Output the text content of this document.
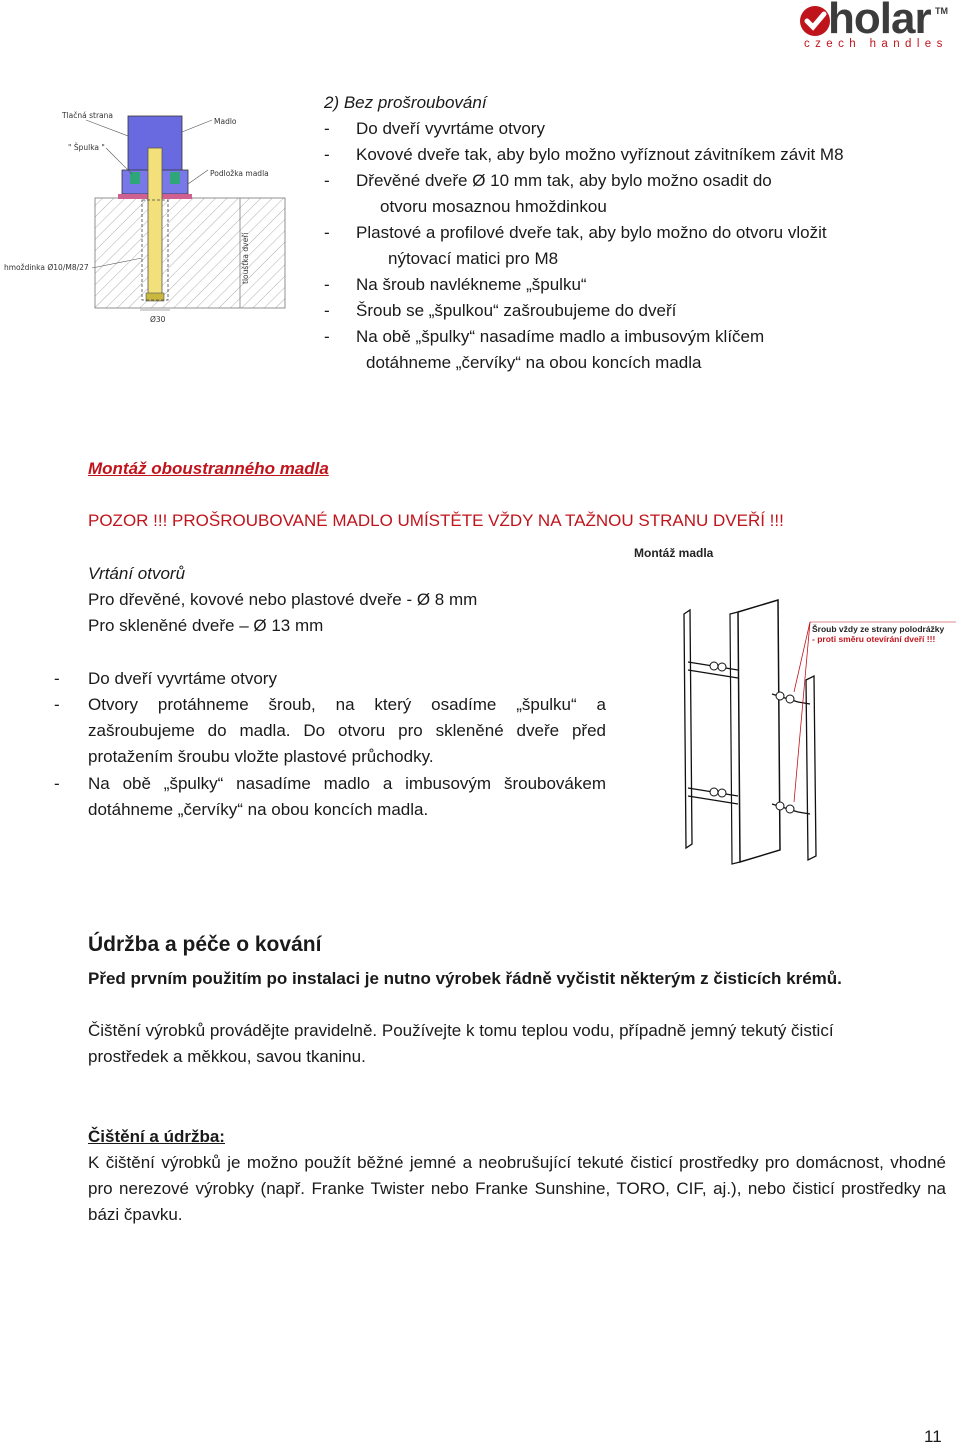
holar TM
czech handles
Tlačná strana
" Špulka "
Madlo
Podložka madla
hmoždinka Ø10/M8/27	tloušťka dveří
Ø30
2) Bez prošroubování
- Do dveří vyvrtáme otvory
- Kovové dveře tak, aby bylo možno vyříznout závitníkem závit M8
- Dřevěné dveře Ø 10 mm tak, aby bylo možno osadit do
otvoru mosaznou hmoždinkou
- Plastové a profilové dveře tak, aby bylo možno do otvoru vložit
nýtovací matici pro M8
- Na šroub navlékneme „špulku“
- Šroub se „špulkou“ zašroubujeme do dveří
- Na obě „špulky“ nasadíme madlo a imbusovým klíčem
dotáhneme „červíky“ na obou koncích madla
Montáž oboustranného madla
POZOR !!! PROŠROUBOVANÉ MADLO UMÍSTĚTE VŽDY NA TAŽNOU STRANU DVEŘÍ !!!
Vrtání otvorů
Pro dřevěné, kovové nebo plastové dveře - Ø 8 mm
Pro skleněné dveře – Ø 13 mm
- Do dveří vyvrtáme otvory
- Otvory protáhneme šroub, na který osadíme „špulku“ a zašroubujeme do madla. Do otvoru pro skleněné dveře před protažením šroubu vložte plastové průchodky.
- Na obě „špulky“ nasadíme madlo a imbusovým šroubovákem dotáhneme „červíky“ na obou koncích madla.
Montáž madla
Šroub vždy ze strany polodrážky
- proti směru otevírání dveří !!!
Údržba a péče o kování
Před prvním použitím po instalaci je nutno výrobek řádně vyčistit některým z čisticích krémů.
Čištění výrobků provádějte pravidelně. Používejte k tomu teplou vodu, případně jemný tekutý čisticí prostředek a měkkou, savou tkaninu.
Čištění a údržba:
K čištění výrobků je možno použít běžné jemné a neobrušující tekuté čisticí prostředky pro domácnost, vhodné pro nerezové výrobky (např. Franke Twister nebo Franke Sunshine, TORO, CIF, aj.), nebo čisticí prostředky na bázi čpavku.
11
